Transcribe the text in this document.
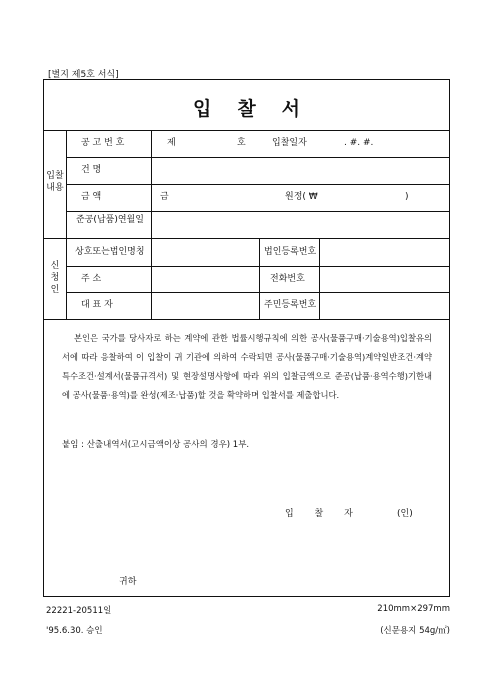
[별지 제5호 서식]
입찰서
입찰
내용
신
청
인
공 고 번 호	제	호	입찰일자	. #. #.
건 명
금 액	금	원정( ₩	)
준공(납품)연월일
상호또는법인명칭	법인등록번호
주 소	전화번호
대 표 자	주민등록번호

본인은 국가를 당사자로 하는 계약에 관한 법률시행규칙에 의한 공사(물품구매·기술용역)입찰유의서에 따라 응찰하여 이 입찰이 귀 기관에 의하여 수락되면 공사(물품구매·기술용역)계약일반조건·계약특수조건·설계서(물품규격서) 및 현장설명사항에 따라 위의 입찰금액으로 준공(납품·용역수행)기한내에 공사(물품·용역)를 완성(제조·납품)할 것을 확약하며 입찰서를 제출합니다.

붙임 : 산출내역서(고시금액이상 공사의 경우) 1부.
입 찰 자	(인)
귀하
22221-20511일	210mm×297mm
'95.6.30. 승인	(신문용지 54g/㎡)
